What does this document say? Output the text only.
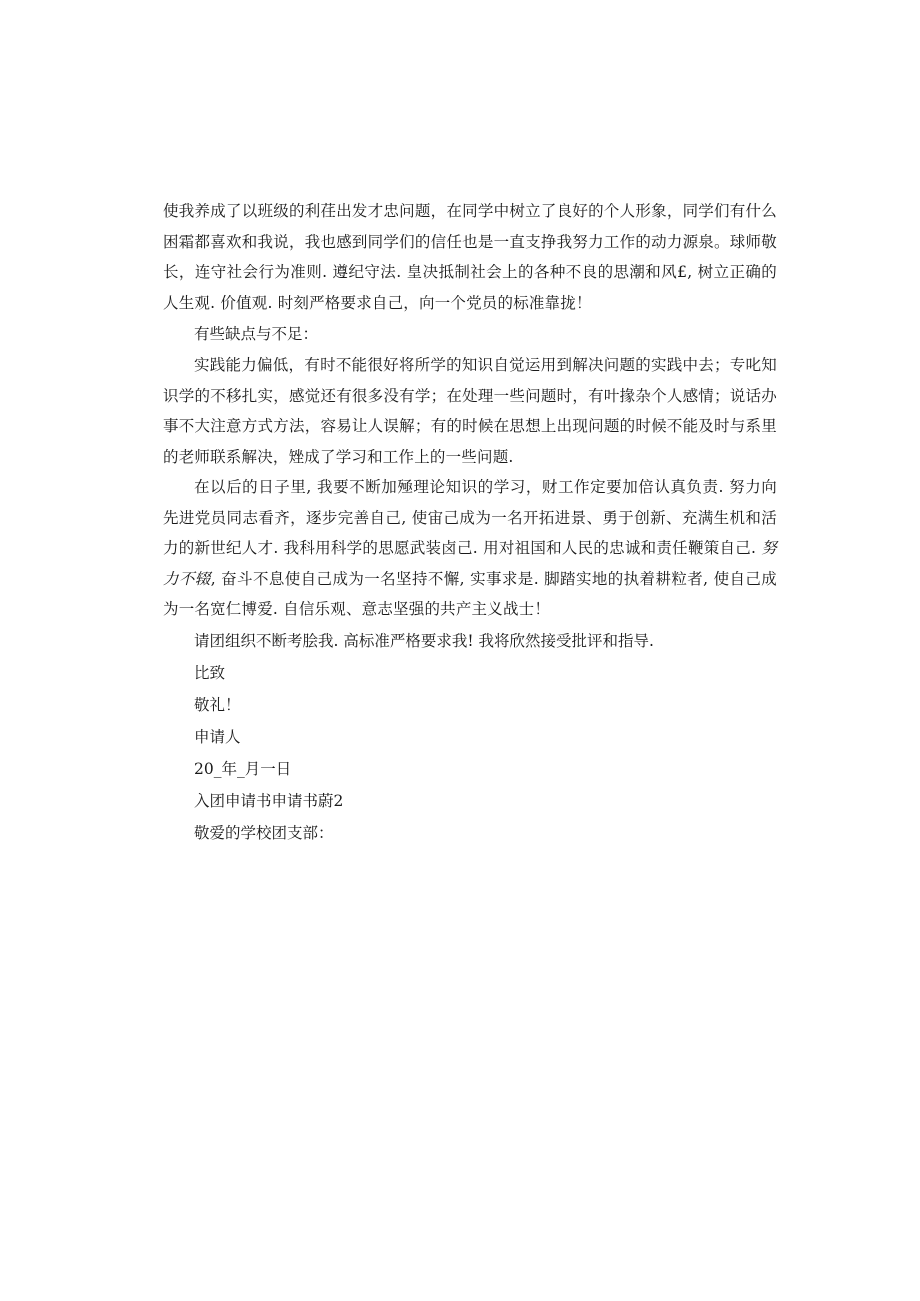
使我养成了以班级的利荏出发才忠问题，在同学中树立了良好的个人形象，同学们有什么困霜都喜欢和我说，我也感到同学们的信任也是一直支挣我努力工作的动力源泉。球师敬长，连守社会行为准则. 遵纪守法. 皇决抵制社会上的各种不良的思潮和风£, 树立正确的人生观. 价值观. 时刻严格要求自己，向一个党员的标准靠拢！

有些缺点与不足：

实践能力偏低，有时不能很好将所学的知识自觉运用到解决问题的实践中去；专叱知识学的不移扎实，感觉还有很多没有学；在处理一些问题时，有叶掾杂个人感情；说话办事不大注意方式方法，容易让人误解；有的时候在思想上出现问题的时候不能及时与系里的老师联系解决，矬成了学习和工作上的一些问题.

在以后的日子里, 我要不断加殛理论知识的学习，财工作定要加倍认真负责. 努力向先进党员同志看齐，逐步完善自己, 使宙己成为一名开拓进景、勇于创新、充满生机和活力的新世纪人才. 我科用科学的思愿武装卤己. 用对祖国和人民的忠诚和责任鞭策自己. 努力不辍, 奋斗不息使自己成为一名坚持不懈, 实事求是. 脚踏实地的执着耕粒者, 使自己成为一名宽仁博爱. 自信乐观、意志坚强的共产主义战士！

请团组织不断考脍我. 高标准严格要求我! 我将欣然接受批评和指导.

比致

敬礼！

申请人

20_年_月一日

入团申请书申请书蔚2

敬爱的学校团支部：
